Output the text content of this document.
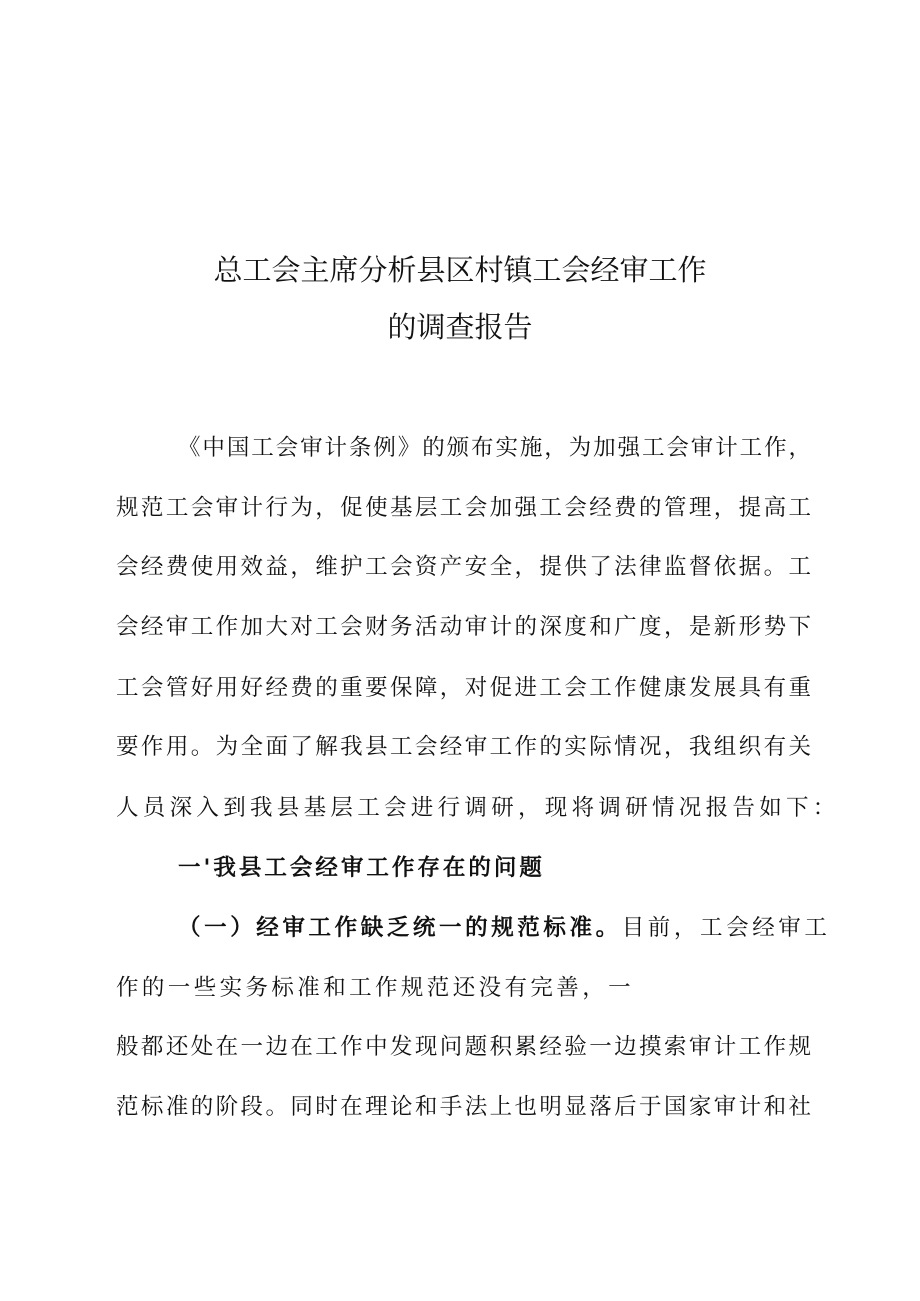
总工会主席分析县区村镇工会经审工作
的调查报告
《中国工会审计条例》的颁布实施，为加强工会审计工作，
规范工会审计行为，促使基层工会加强工会经费的管理，提高工
会经费使用效益，维护工会资产安全，提供了法律监督依据。工
会经审工作加大对工会财务活动审计的深度和广度，是新形势下
工会管好用好经费的重要保障，对促进工会工作健康发展具有重
要作用。为全面了解我县工会经审工作的实际情况，我组织有关
人员深入到我县基层工会进行调研，现将调研情况报告如下：
一'我县工会经审工作存在的问题
（一）经审工作缺乏统一的规范标准。目前，工会经审工
作的一些实务标准和工作规范还没有完善，一
般都还处在一边在工作中发现问题积累经验一边摸索审计工作规
范标准的阶段。同时在理论和手法上也明显落后于国家审计和社
